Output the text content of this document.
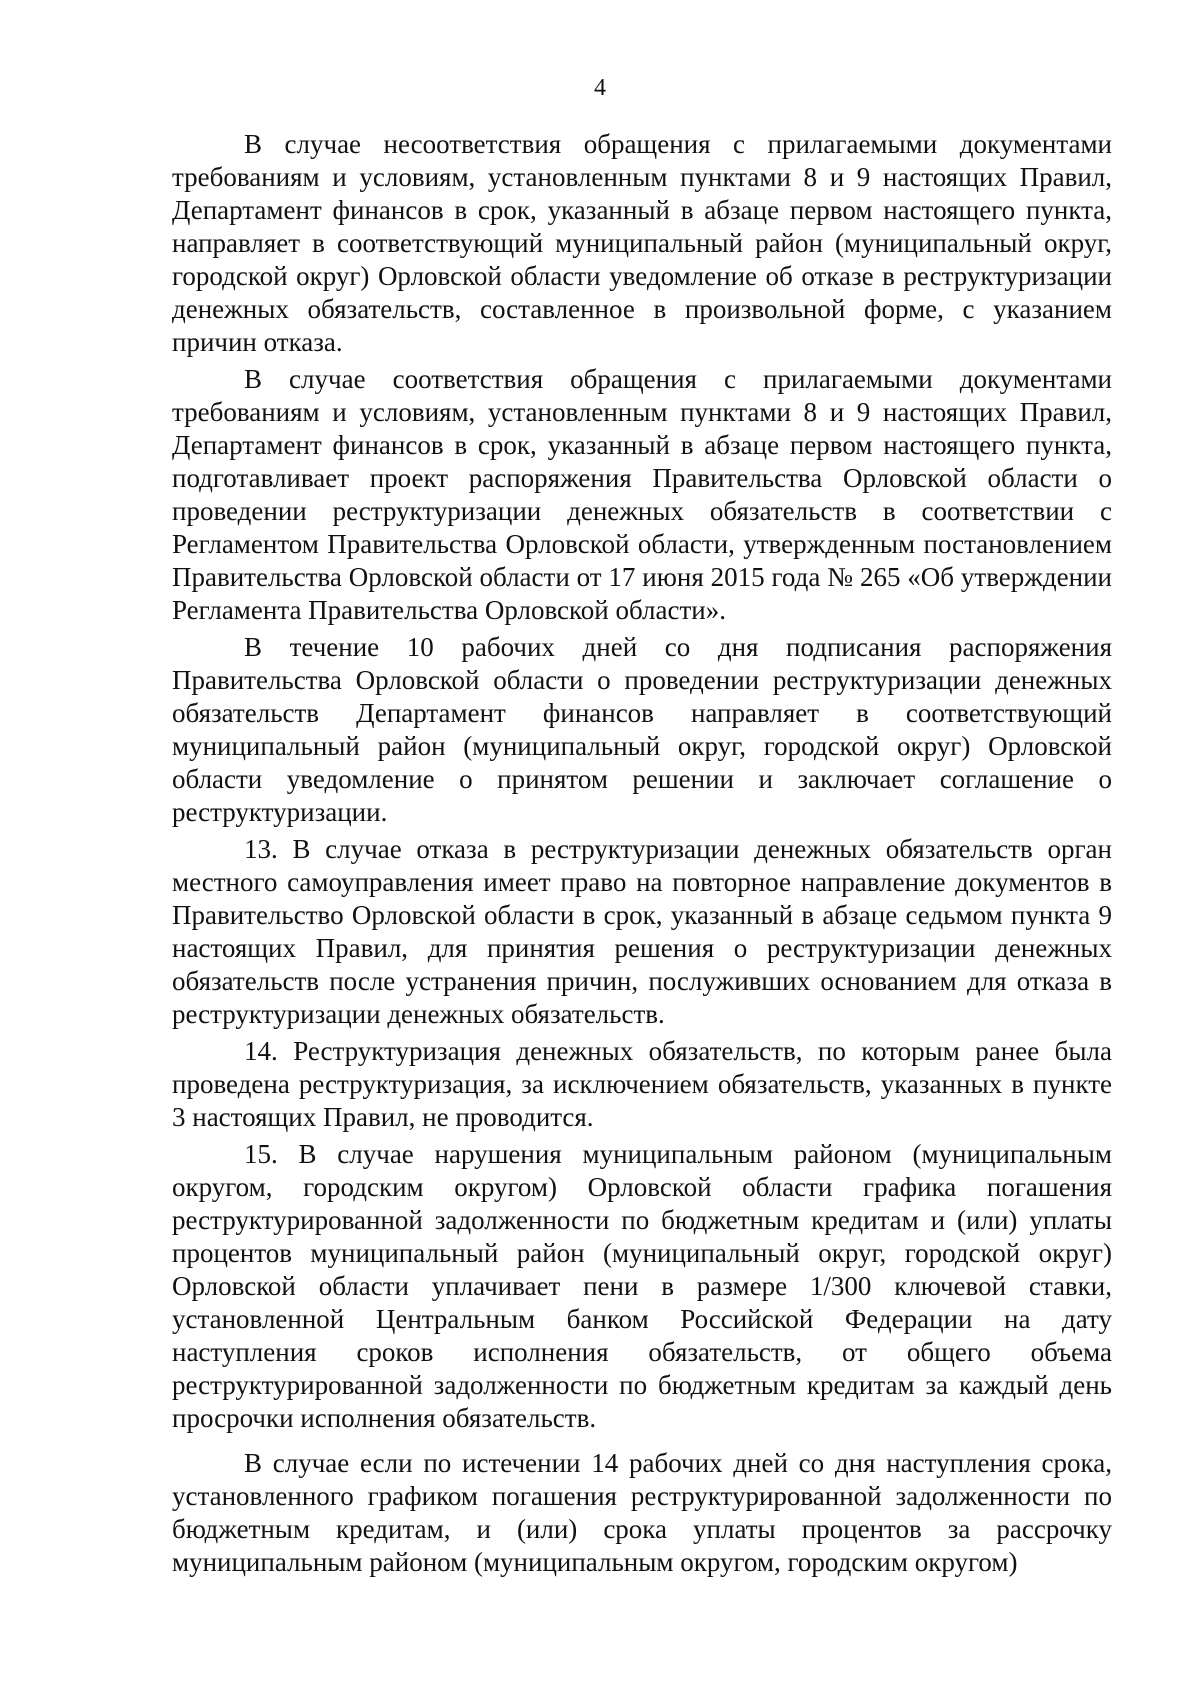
4

В случае несоответствия обращения с прилагаемыми документами требованиям и условиям, установленным пунктами 8 и 9 настоящих Правил, Департамент финансов в срок, указанный в абзаце первом настоящего пункта, направляет в соответствующий муниципальный район (муниципальный округ, городской округ) Орловской области уведомление об отказе в реструктуризации денежных обязательств, составленное в произвольной форме, с указанием причин отказа.

В случае соответствия обращения с прилагаемыми документами требованиям и условиям, установленным пунктами 8 и 9 настоящих Правил, Департамент финансов в срок, указанный в абзаце первом настоящего пункта, подготавливает проект распоряжения Правительства Орловской области о проведении реструктуризации денежных обязательств в соответствии с Регламентом Правительства Орловской области, утвержденным постановлением Правительства Орловской области от 17 июня 2015 года № 265 «Об утверждении Регламента Правительства Орловской области».

В течение 10 рабочих дней со дня подписания распоряжения Правительства Орловской области о проведении реструктуризации денежных обязательств Департамент финансов направляет в соответствующий муниципальный район (муниципальный округ, городской округ) Орловской области уведомление о принятом решении и заключает соглашение о реструктуризации.

13. В случае отказа в реструктуризации денежных обязательств орган местного самоуправления имеет право на повторное направление документов в Правительство Орловской области в срок, указанный в абзаце седьмом пункта 9 настоящих Правил, для принятия решения о реструктуризации денежных обязательств после устранения причин, послуживших основанием для отказа в реструктуризации денежных обязательств.

14. Реструктуризация денежных обязательств, по которым ранее была проведена реструктуризация, за исключением обязательств, указанных в пункте 3 настоящих Правил, не проводится.

15. В случае нарушения муниципальным районом (муниципальным округом, городским округом) Орловской области графика погашения реструктурированной задолженности по бюджетным кредитам и (или) уплаты процентов муниципальный район (муниципальный округ, городской округ) Орловской области уплачивает пени в размере 1/300 ключевой ставки, установленной Центральным банком Российской Федерации на дату наступления сроков исполнения обязательств, от общего объема реструктурированной задолженности по бюджетным кредитам за каждый день просрочки исполнения обязательств.

В случае если по истечении 14 рабочих дней со дня наступления срока, установленного графиком погашения реструктурированной задолженности по бюджетным кредитам, и (или) срока уплаты процентов за рассрочку муниципальным районом (муниципальным округом, городским округом)
